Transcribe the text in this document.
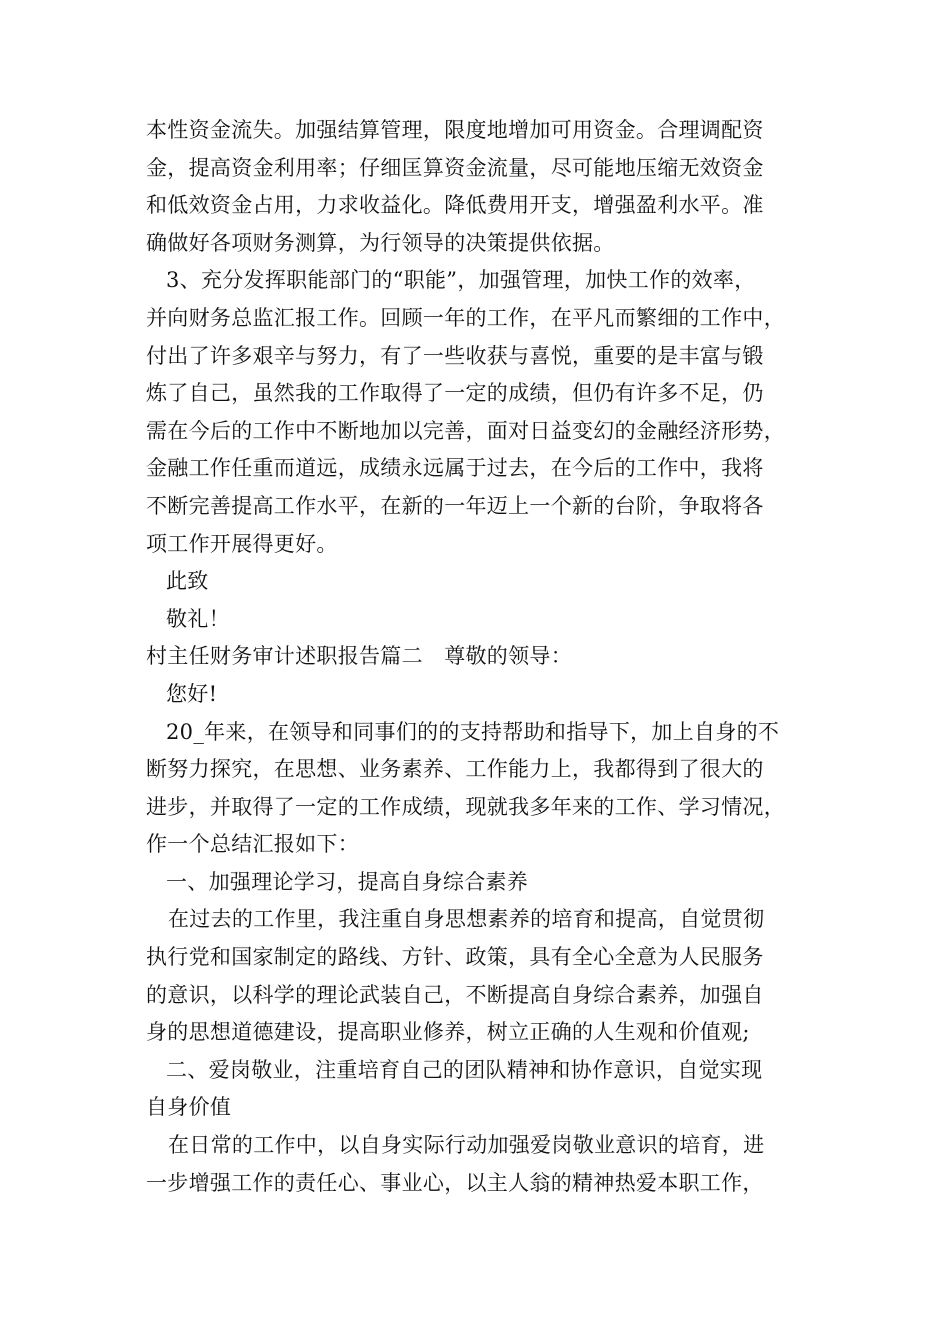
本性资金流失。加强结算管理，限度地增加可用资金。合理调配资
金，提高资金利用率；仔细匡算资金流量，尽可能地压缩无效资金
和低效资金占用，力求收益化。降低费用开支，增强盈利水平。准
确做好各项财务测算，为行领导的决策提供依据。
3、充分发挥职能部门的“职能”，加强管理，加快工作的效率，
并向财务总监汇报工作。回顾一年的工作，在平凡而繁细的工作中，
付出了许多艰辛与努力，有了一些收获与喜悦，重要的是丰富与锻
炼了自己，虽然我的工作取得了一定的成绩，但仍有许多不足，仍
需在今后的工作中不断地加以完善，面对日益变幻的金融经济形势，
金融工作任重而道远，成绩永远属于过去，在今后的工作中，我将
不断完善提高工作水平，在新的一年迈上一个新的台阶，争取将各
项工作开展得更好。
此致
敬礼！
村主任财务审计述职报告篇二　尊敬的领导：
您好!
20_年来，在领导和同事们的的支持帮助和指导下，加上自身的不
断努力探究，在思想、业务素养、工作能力上，我都得到了很大的
进步，并取得了一定的工作成绩，现就我多年来的工作、学习情况，
作一个总结汇报如下：
一、加强理论学习，提高自身综合素养
在过去的工作里，我注重自身思想素养的培育和提高，自觉贯彻
执行党和国家制定的路线、方针、政策，具有全心全意为人民服务
的意识，以科学的理论武装自己，不断提高自身综合素养，加强自
身的思想道德建设，提高职业修养，树立正确的人生观和价值观;
二、爱岗敬业，注重培育自己的团队精神和协作意识，自觉实现
自身价值
在日常的工作中，以自身实际行动加强爱岗敬业意识的培育，进
一步增强工作的责任心、事业心，以主人翁的精神热爱本职工作，
